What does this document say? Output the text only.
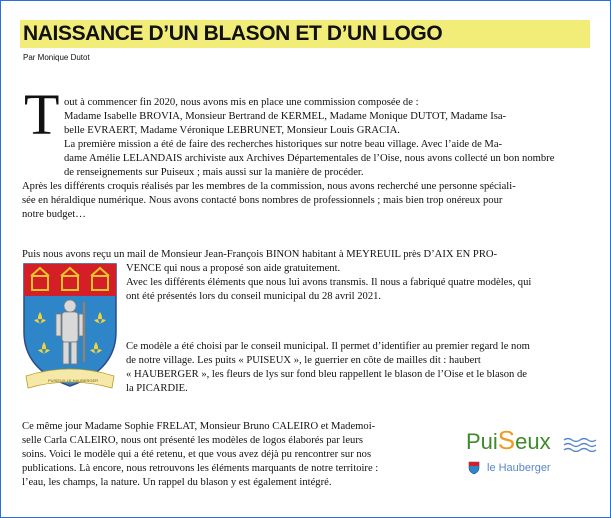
NAISSANCE D’UN BLASON ET D’UN LOGO
Par Monique Dutot
T out à commencer fin 2020, nous avons mis en place une commission composée de :
Madame Isabelle BROVIA, Monsieur Bertrand de KERMEL, Madame Monique DUTOT, Madame Isa-
belle EVRAERT, Madame Véronique LEBRUNET, Monsieur Louis GRACIA.
La première mission a été de faire des recherches historiques sur notre beau village. Avec l’aide de Ma-
dame Amélie LELANDAIS archiviste aux Archives Départementales de l’Oise, nous avons collecté un bon nombre
de renseignements sur Puiseux ; mais aussi sur la manière de procéder.
Après les différents croquis réalisés par les membres de la commission, nous avons recherché une personne spéciali-
sée en héraldique numérique. Nous avons contacté bons nombres de professionnels ; mais bien trop onéreux pour
notre budget…
Puis nous avons reçu un mail de Monsieur Jean-François BINON habitant à MEYREUIL près D’AIX EN PRO-
VENCE qui nous a proposé son aide gratuitement.
Avec les différents éléments que nous lui avons transmis. Il nous a fabriqué quatre modèles, qui
ont été présentés lors du conseil municipal du 28 avril 2021.
PUISEUX LE HAUBERGER
Ce modèle a été choisi par le conseil municipal. Il permet d’identifier au premier regard le nom
de notre village. Les puits « PUISEUX », le guerrier en côte de mailles dit : haubert
« HAUBERGER », les fleurs de lys sur fond bleu rappellent le blason de l’Oise et le blason de
la PICARDIE.
Ce même jour Madame Sophie FRELAT, Monsieur Bruno CALEIRO et Mademoi-
selle Carla CALEIRO, nous ont présenté les modèles de logos élaborés par leurs
soins. Voici le modèle qui a été retenu, et que vous avez déjà pu rencontrer sur nos
publications. Là encore, nous retrouvons les éléments marquants de notre territoire :
l’eau, les champs, la nature. Un rappel du blason y est également intégré.
PuiSeux
le Hauberger
